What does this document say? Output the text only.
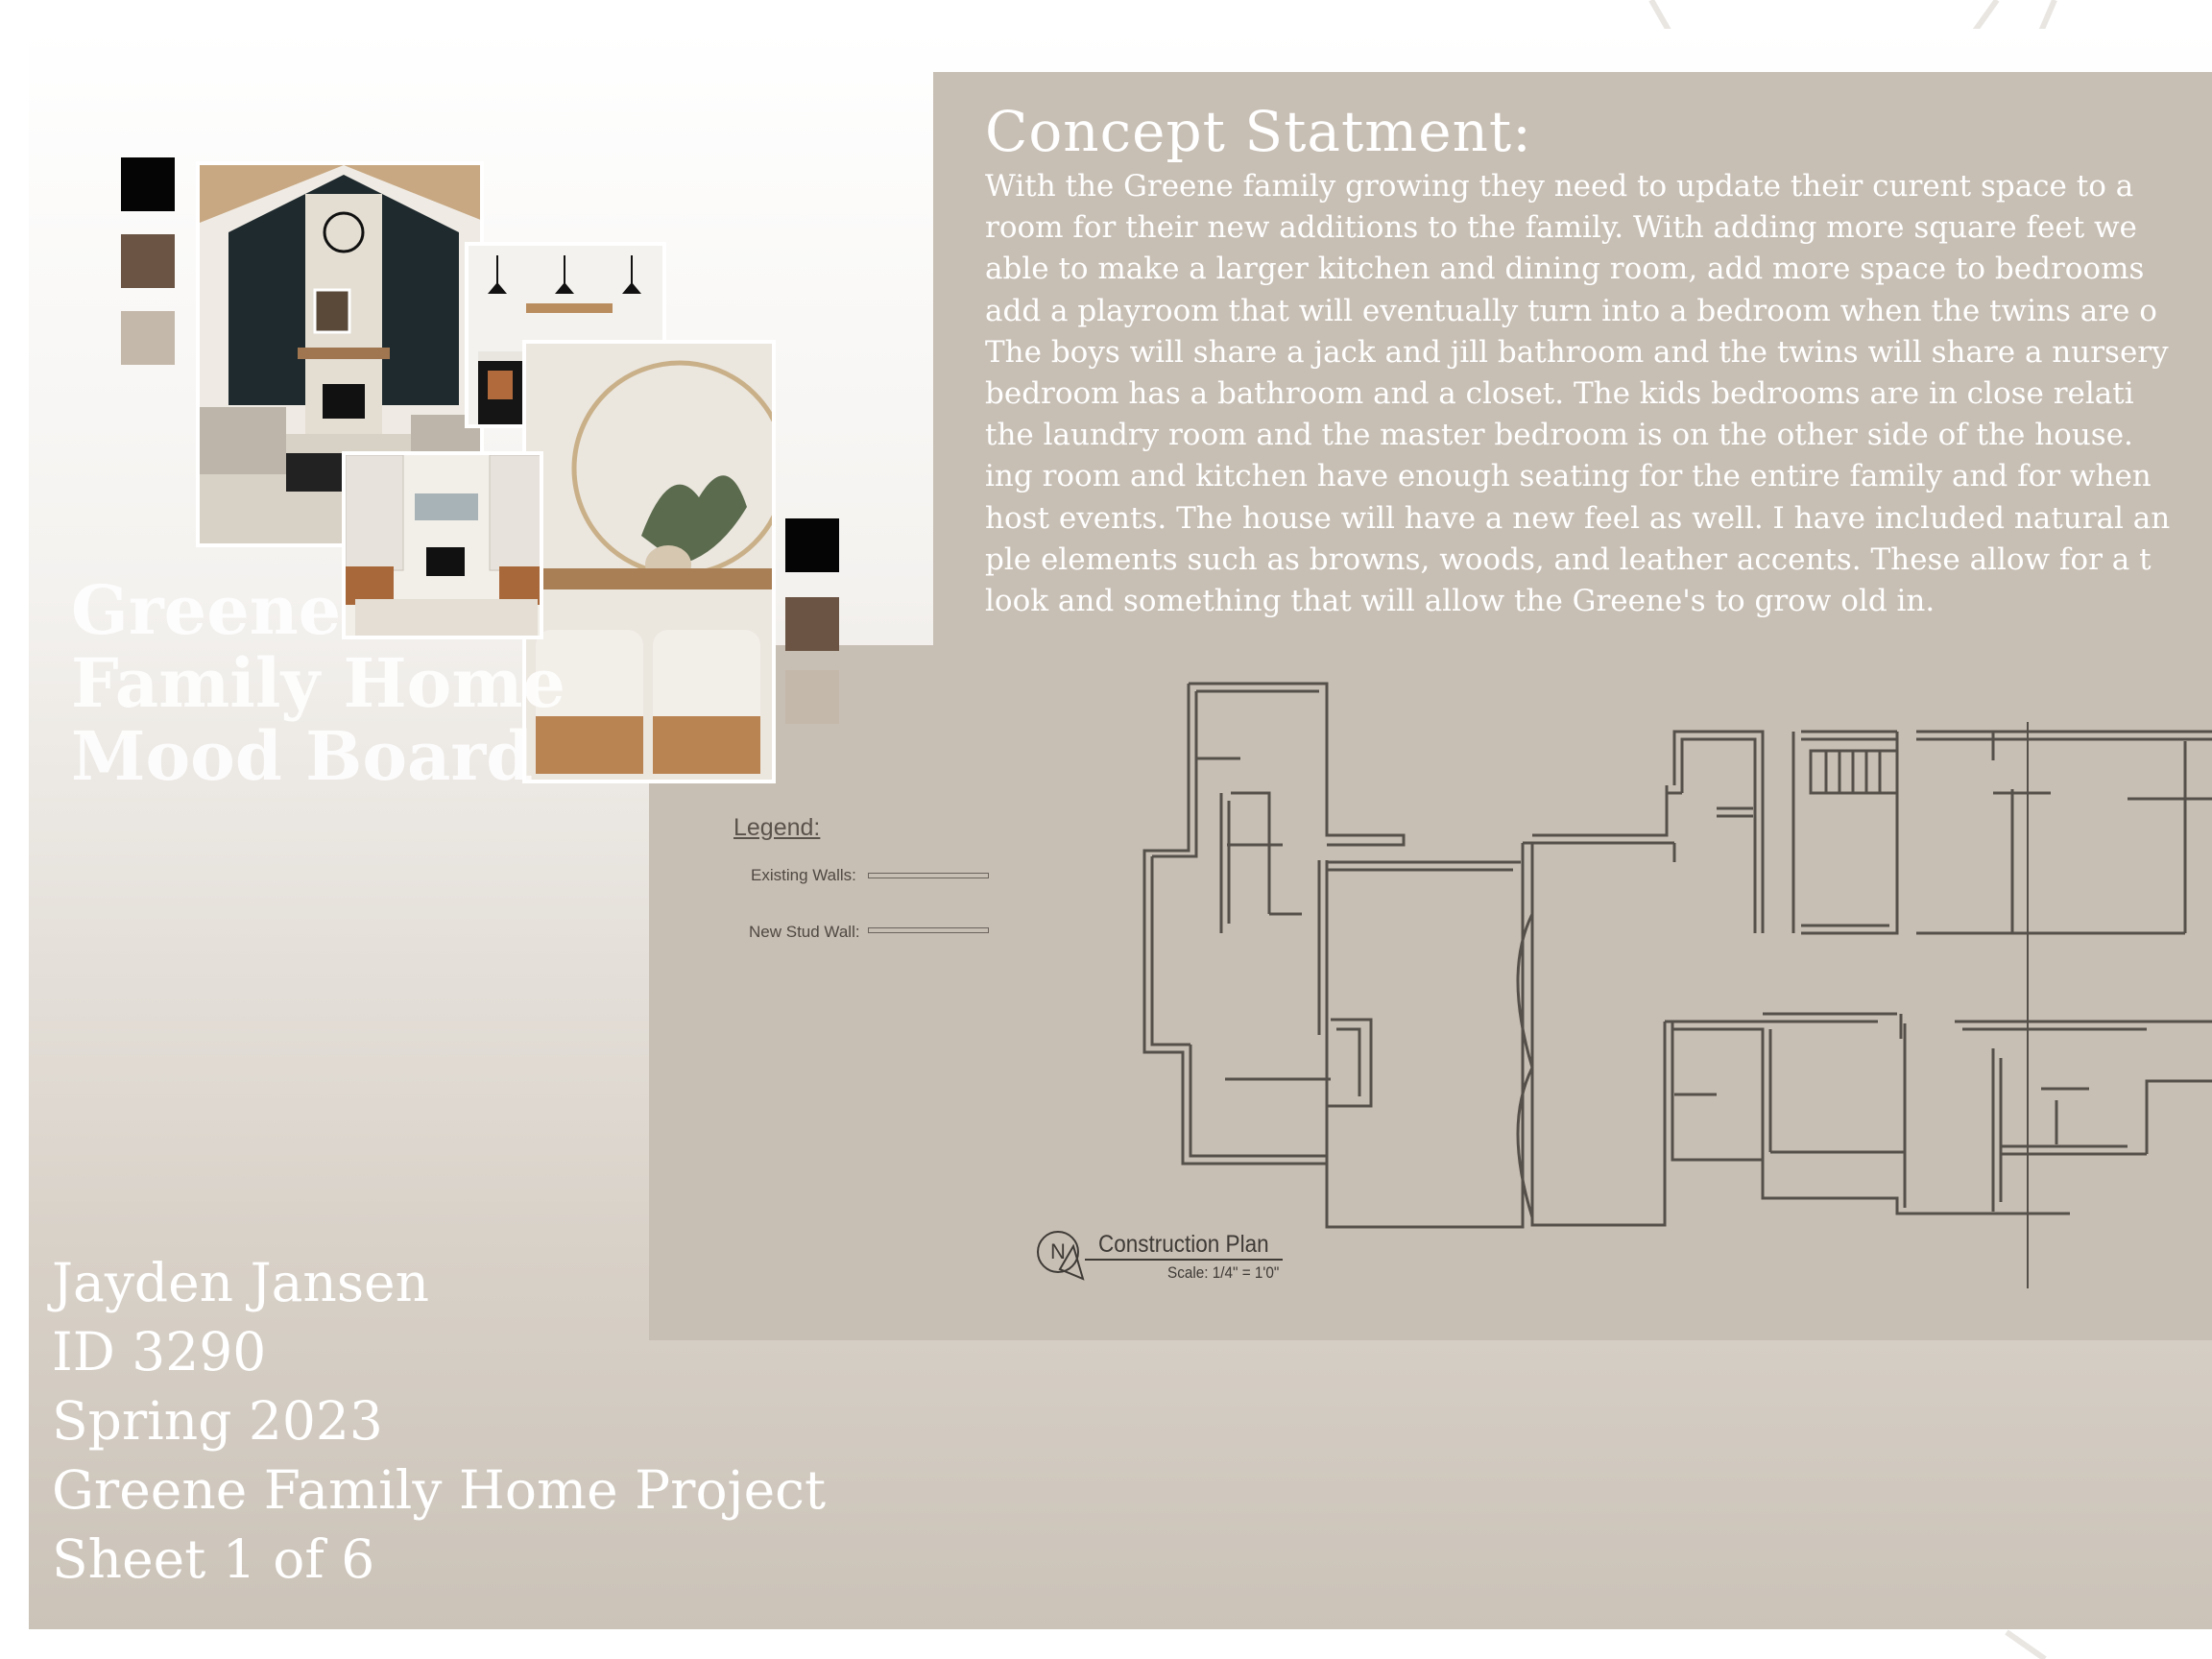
Concept Statment:

With the Greene family growing they need to update their curent space to a
room for their new additions to the family. With adding more square feet we
able to make a larger kitchen and dining room, add more space to bedrooms
add a playroom that will eventually turn into a bedroom when the twins are o
The boys will share a jack and jill bathroom and the twins will share a nursery
bedroom has a bathroom and a closet. The kids bedrooms are in close relati
the laundry room and the master bedroom is on the other side of the house.
ing room and kitchen have enough seating for the entire family and for when
host events. The house will have a new feel as well. I have included natural an
ple elements such as browns, woods, and leather accents. These allow for a t
look and something that will allow the Greene's to grow old in.

Legend:
Existing Walls:
New Stud Wall:
N	Construction Plan
Scale: 1/4" = 1'0"
Greene
Family Home
Mood Board
Jayden Jansen
ID 3290
Spring 2023
Greene Family Home Project
Sheet 1 of 6
